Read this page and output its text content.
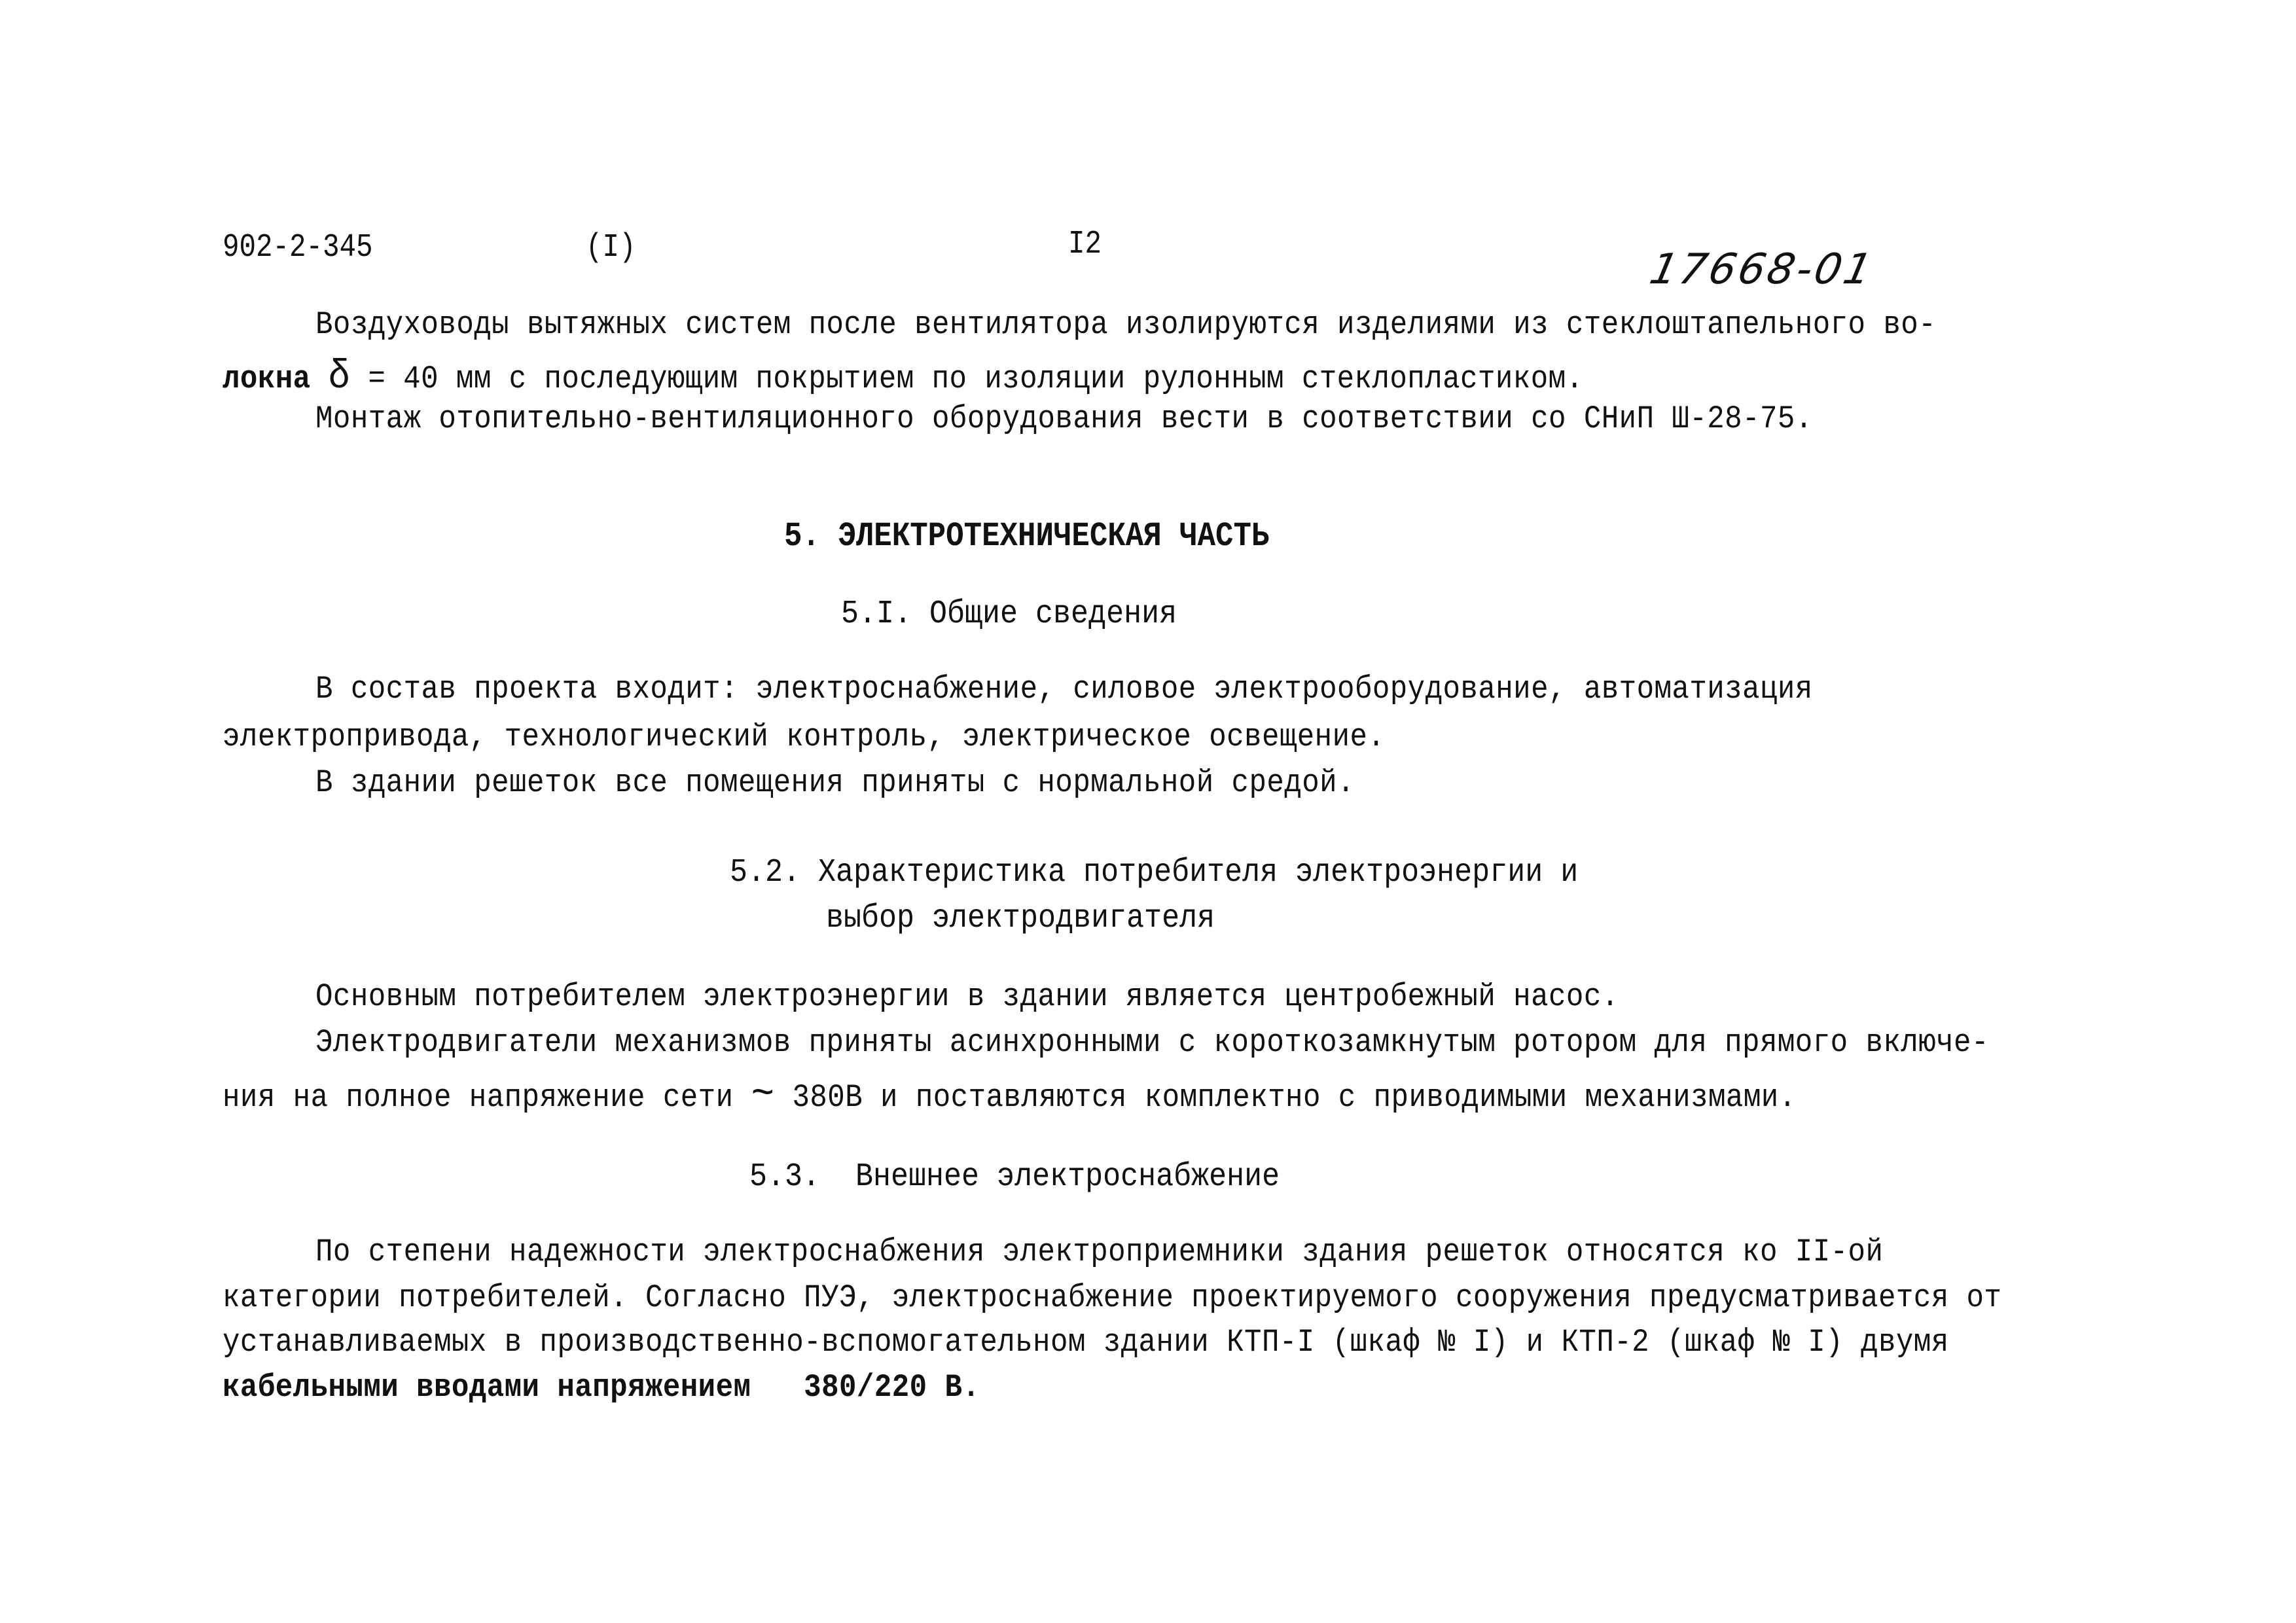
902-2-345	(I)	I2
17668-01
Воздуховоды вытяжных систем после вентилятора изолируются изделиями из стеклоштапельного во-
локна δ = 40 мм с последующим покрытием по изоляции рулонным стеклопластиком.
Монтаж отопительно-вентиляционного оборудования вести в соответствии со СНиП Ш-28-75.
5. ЭЛЕКТРОТЕХНИЧЕСКАЯ ЧАСТЬ
5.I. Общие сведения
В состав проекта входит: электроснабжение, силовое электрооборудование, автоматизация
электропривода, технологический контроль, электрическое освещение.
В здании решеток все помещения приняты с нормальной средой.
5.2. Характеристика потребителя электроэнергии и
выбор электродвигателя
Основным потребителем электроэнергии в здании является центробежный насос.
Электродвигатели механизмов приняты асинхронными с короткозамкнутым ротором для прямого включе-
ния на полное напряжение сети ~ 380В и поставляются комплектно с приводимыми механизмами.
5.3.  Внешнее электроснабжение
По степени надежности электроснабжения электроприемники здания решеток относятся ко II-ой
категории потребителей. Согласно ПУЭ, электроснабжение проектируемого сооружения предусматривается от
устанавливаемых в производственно-вспомогательном здании КТП-I (шкаф № I) и КТП-2 (шкаф № I) двумя
кабельными вводами напряжением   380/220 В.
